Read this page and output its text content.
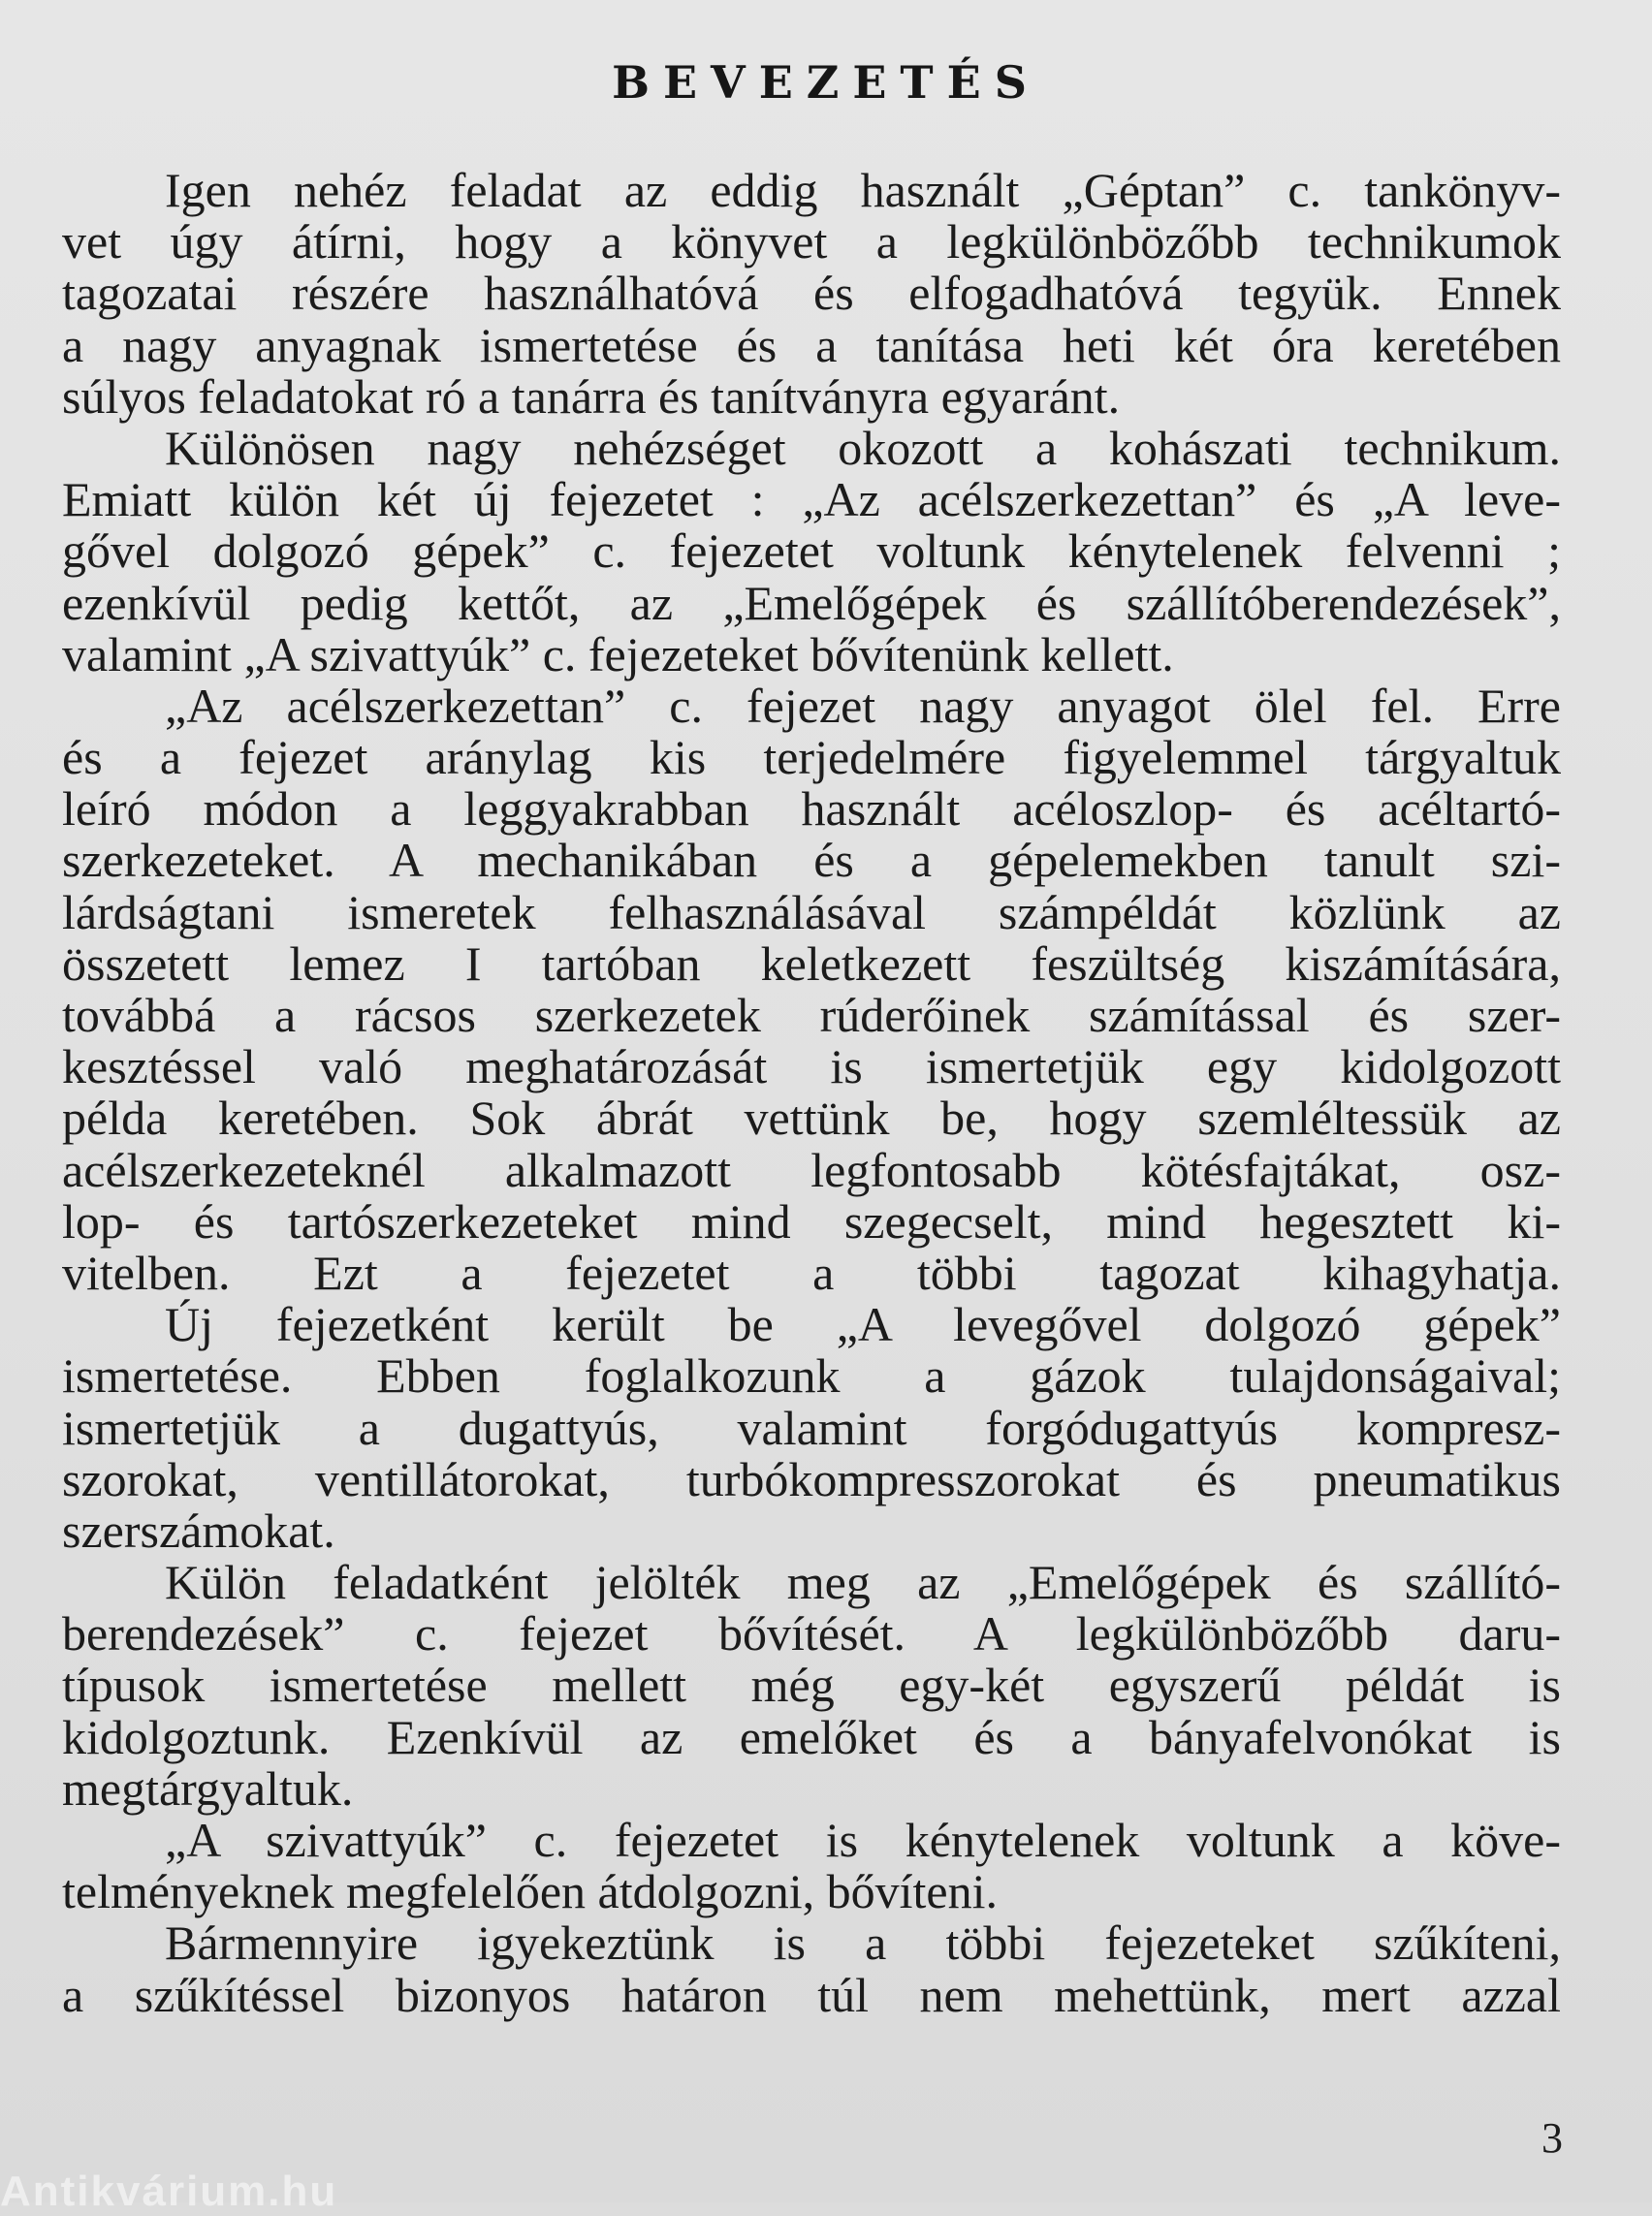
BEVEZETÉS
Igen nehéz feladat az eddig használt „Géptan” c. tankönyv-
vet úgy átírni, hogy a könyvet a legkülönbözőbb technikumok
tagozatai részére használhatóvá és elfogadhatóvá tegyük. Ennek
a nagy anyagnak ismertetése és a tanítása heti két óra keretében
súlyos feladatokat ró a tanárra és tanítványra egyaránt.
Különösen nagy nehézséget okozott a kohászati technikum.
Emiatt külön két új fejezetet : „Az acélszerkezettan” és „A leve-
gővel dolgozó gépek” c. fejezetet voltunk kénytelenek felvenni ;
ezenkívül pedig kettőt, az „Emelőgépek és szállítóberendezések”,
valamint „A szivattyúk” c. fejezeteket bővítenünk kellett.
„Az acélszerkezettan” c. fejezet nagy anyagot ölel fel. Erre
és a fejezet aránylag kis terjedelmére figyelemmel tárgyaltuk
leíró módon a leggyakrabban használt acéloszlop- és acéltartó-
szerkezeteket. A mechanikában és a gépelemekben tanult szi-
lárdságtani ismeretek felhasználásával számpéldát közlünk az
összetett lemez I tartóban keletkezett feszültség kiszámítására,
továbbá a rácsos szerkezetek rúderőinek számítással és szer-
kesztéssel való meghatározását is ismertetjük egy kidolgozott
példa keretében. Sok ábrát vettünk be, hogy szemléltessük az
acélszerkezeteknél alkalmazott legfontosabb kötésfajtákat, osz-
lop- és tartószerkezeteket mind szegecselt, mind hegesztett ki-
vitelben. Ezt a fejezetet a többi tagozat kihagyhatja.
Új fejezetként került be „A levegővel dolgozó gépek”
ismertetése. Ebben foglalkozunk a gázok tulajdonságaival;
ismertetjük a dugattyús, valamint forgódugattyús kompresz-
szorokat, ventillátorokat, turbókompresszorokat és pneumatikus
szerszámokat.
Külön feladatként jelölték meg az „Emelőgépek és szállító-
berendezések” c. fejezet bővítését. A legkülönbözőbb daru-
típusok ismertetése mellett még egy-két egyszerű példát is
kidolgoztunk. Ezenkívül az emelőket és a bányafelvonókat is
megtárgyaltuk.
„A szivattyúk” c. fejezetet is kénytelenek voltunk a köve-
telményeknek megfelelően átdolgozni, bővíteni.
Bármennyire igyekeztünk is a többi fejezeteket szűkíteni,
a szűkítéssel bizonyos határon túl nem mehettünk, mert azzal
3
Antikvárium.hu
